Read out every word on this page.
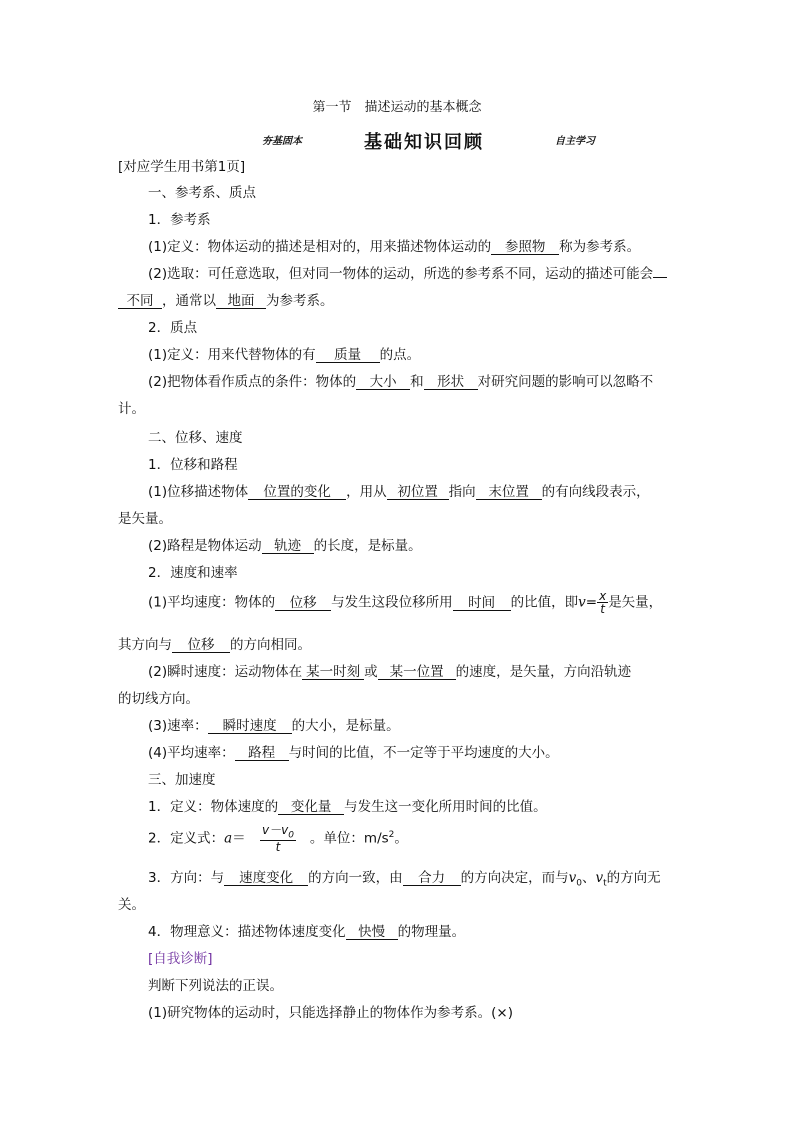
第一节　描述运动的基本概念
夯基固本	基础知识回顾	自主学习
[对应学生用书第1页]
一、参考系、质点
1．参考系
(1)定义：物体运动的描述是相对的，用来描述物体运动的 参照物 称为参考系。
(2)选取：可任意选取，但对同一物体的运动，所选的参考系不同，运动的描述可能会
不同 ，通常以 地面 为参考系。
2．质点
(1)定义：用来代替物体的有 质量 的点。
(2)把物体看作质点的条件：物体的 大小 和 形状 对研究问题的影响可以忽略不
计。
二、位移、速度
1．位移和路程
(1)位移描述物体 位置的变化 ，用从 初位置 指向 末位置 的有向线段表示，
是矢量。
(2)路程是物体运动 轨迹 的长度，是标量。
2．速度和速率
(1)平均速度：物体的 位移 与发生这段位移所用 时间 的比值，即$v= \frac{x}{t}$ 是矢量，
其方向与 位移 的方向相同。
(2)瞬时速度：运动物体在 某一时刻 或 某一位置 的速度，是矢量，方向沿轨迹
的切线方向。
(3)速率： 瞬时速度 的大小，是标量。
(4)平均速率： 路程 与时间的比值，不一定等于平均速度的大小。
三、加速度
1．定义：物体速度的 变化量 与发生这一变化所用时间的比值。
2．定义式：$a= \frac{v-v_0}{t}$ 。单位：$m/s^2$。
3．方向：与 速度变化 的方向一致，由 合力 的方向决定，而与$v_0$、$v_t$的方向无
关。
4．物理意义：描述物体速度变化 快慢 的物理量。
[自我诊断]
判断下列说法的正误。
(1)研究物体的运动时，只能选择静止的物体作为参考系。(×)
